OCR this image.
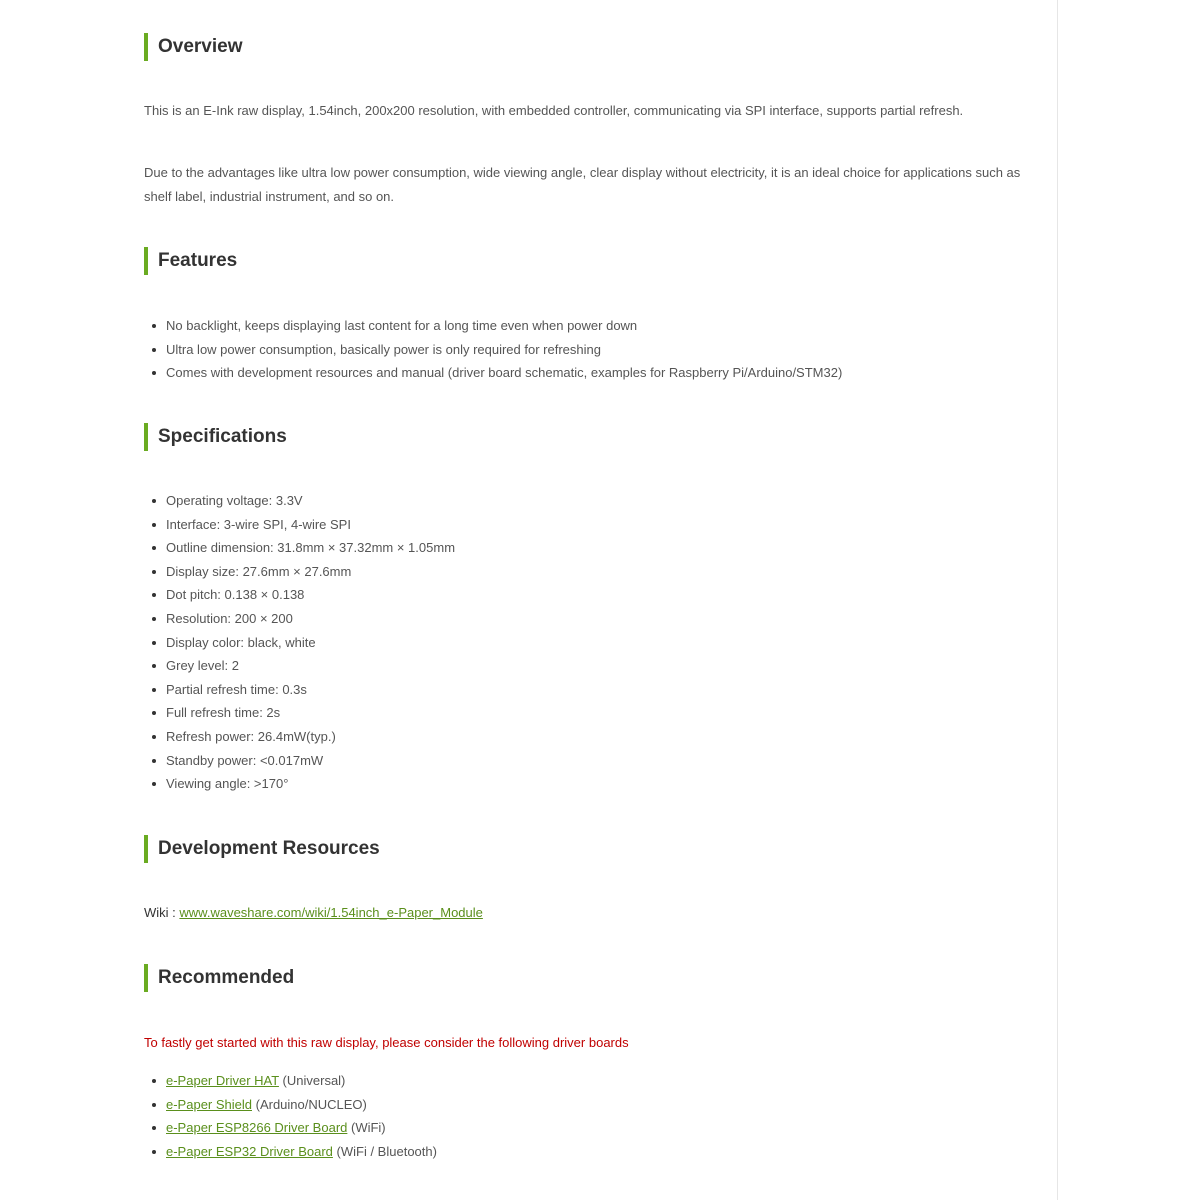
Overview

This is an E-Ink raw display, 1.54inch, 200x200 resolution, with embedded controller, communicating via SPI interface, supports partial refresh.

Due to the advantages like ultra low power consumption, wide viewing angle, clear display without electricity, it is an ideal choice for applications such as shelf label, industrial instrument, and so on.

Features
No backlight, keeps displaying last content for a long time even when power down
Ultra low power consumption, basically power is only required for refreshing
Comes with development resources and manual (driver board schematic, examples for Raspberry Pi/Arduino/STM32)
Specifications
Operating voltage: 3.3V
Interface: 3-wire SPI, 4-wire SPI
Outline dimension: 31.8mm × 37.32mm × 1.05mm
Display size: 27.6mm × 27.6mm
Dot pitch: 0.138 × 0.138
Resolution: 200 × 200
Display color: black, white
Grey level: 2
Partial refresh time: 0.3s
Full refresh time: 2s
Refresh power: 26.4mW(typ.)
Standby power: <0.017mW
Viewing angle: >170°
Development Resources
Wiki : www.waveshare.com/wiki/1.54inch_e-Paper_Module
Recommended
To fastly get started with this raw display, please consider the following driver boards
e-Paper Driver HAT (Universal)
e-Paper Shield (Arduino/NUCLEO)
e-Paper ESP8266 Driver Board (WiFi)
e-Paper ESP32 Driver Board (WiFi / Bluetooth)
